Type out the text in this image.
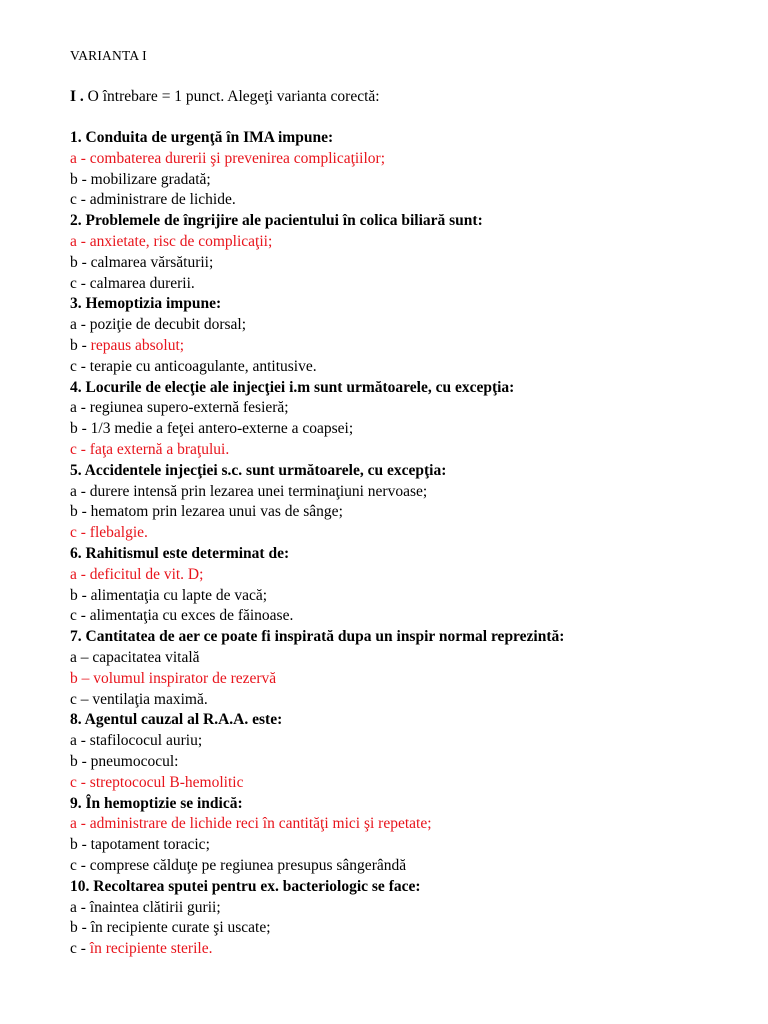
VARIANTA I
I . O întrebare = 1 punct. Alegeţi varianta corectă:
1. Conduita de urgenţă în IMA impune:
a - combaterea durerii şi prevenirea complicaţiilor;
b - mobilizare gradată;
c - administrare de lichide.
2. Problemele de îngrijire ale pacientului în colica biliară sunt:
a - anxietate, risc de complicaţii;
b - calmarea vărsăturii;
c - calmarea durerii.
3. Hemoptizia impune:
a - poziţie de decubit dorsal;
b - repaus absolut;
c - terapie cu anticoagulante, antitusive.
4. Locurile de elecţie ale injecţiei i.m sunt următoarele, cu excepţia:
a - regiunea supero-externă fesieră;
b - 1/3 medie a feţei antero-externe a coapsei;
c - faţa externă a braţului.
5. Accidentele injecţiei s.c. sunt următoarele, cu excepţia:
a - durere intensă prin lezarea unei terminaţiuni nervoase;
b - hematom prin lezarea unui vas de sânge;
c - flebalgie.
6. Rahitismul este determinat de:
a - deficitul de vit. D;
b - alimentaţia cu lapte de vacă;
c - alimentaţia cu exces de făinoase.
7. Cantitatea de aer ce poate fi inspirată dupa un inspir normal reprezintă:
a – capacitatea vitală
b – volumul inspirator de rezervă
c – ventilaţia maximă.
8. Agentul cauzal al R.A.A. este:
a - stafilococul auriu;
b - pneumococul:
c - streptococul B-hemolitic
9. În hemoptizie se indică:
a - administrare de lichide reci în cantităţi mici şi repetate;
b - tapotament toracic;
c - comprese călduţe pe regiunea presupus sângerândă
10. Recoltarea sputei pentru ex. bacteriologic se face:
a - înaintea clătirii gurii;
b - în recipiente curate şi uscate;
c - în recipiente sterile.
